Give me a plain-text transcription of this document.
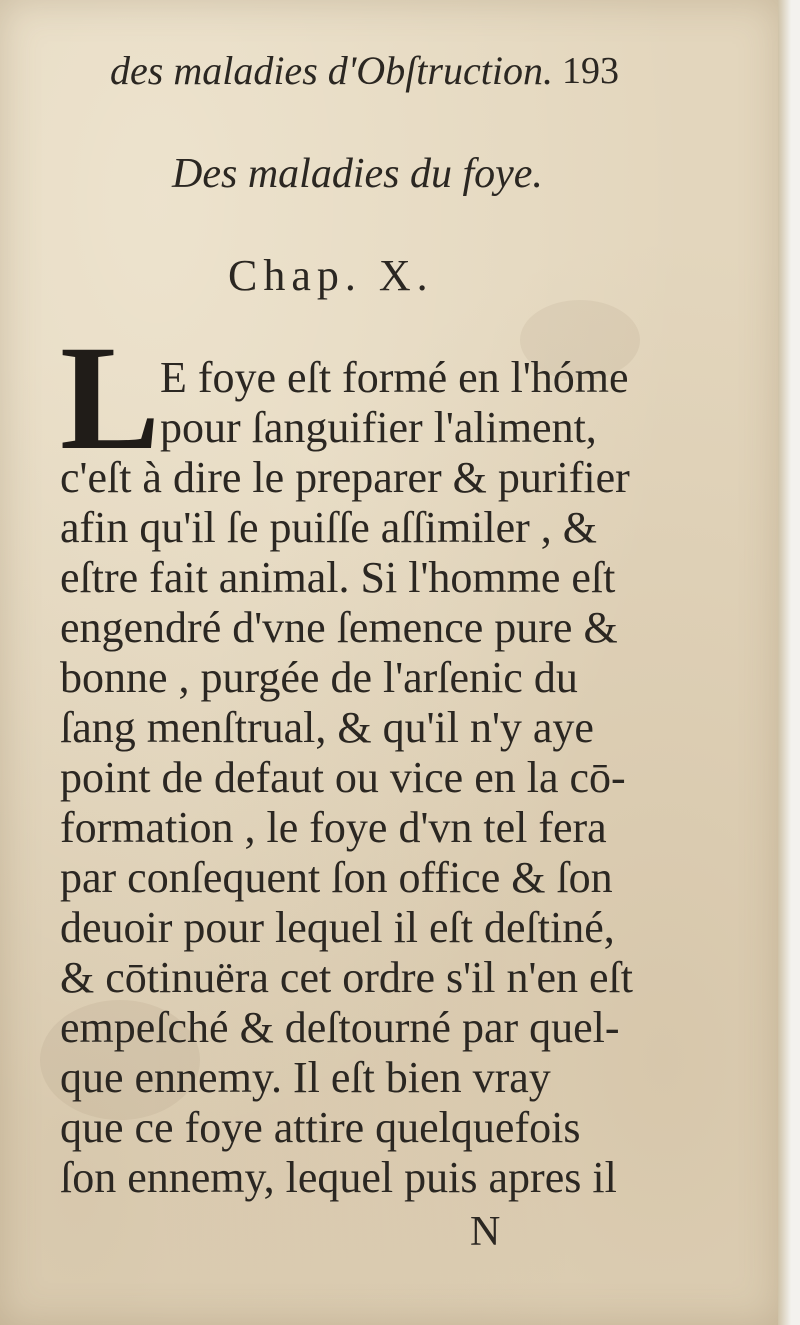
des maladies d'Obſtruction. 193
Des maladies du foye.
Chap. X.
L E foye eſt formé en l'hóme
pour ſanguifier l'aliment,
c'eſt à dire le preparer & purifier
afin qu'il ſe puiſſe aſſimiler , &
eſtre fait animal. Si l'homme eſt
engendré d'vne ſemence pure &
bonne , purgée de l'arſenic du
ſang menſtrual, & qu'il n'y aye
point de defaut ou vice en la cō-
formation , le foye d'vn tel fera
par conſequent ſon office & ſon
deuoir pour lequel il eſt deſtiné,
& cōtinuëra cet ordre s'il n'en eſt
empeſché & deſtourné par quel-
que ennemy. Il eſt bien vray
que ce foye attire quelquefois
ſon ennemy, lequel puis apres il
N
